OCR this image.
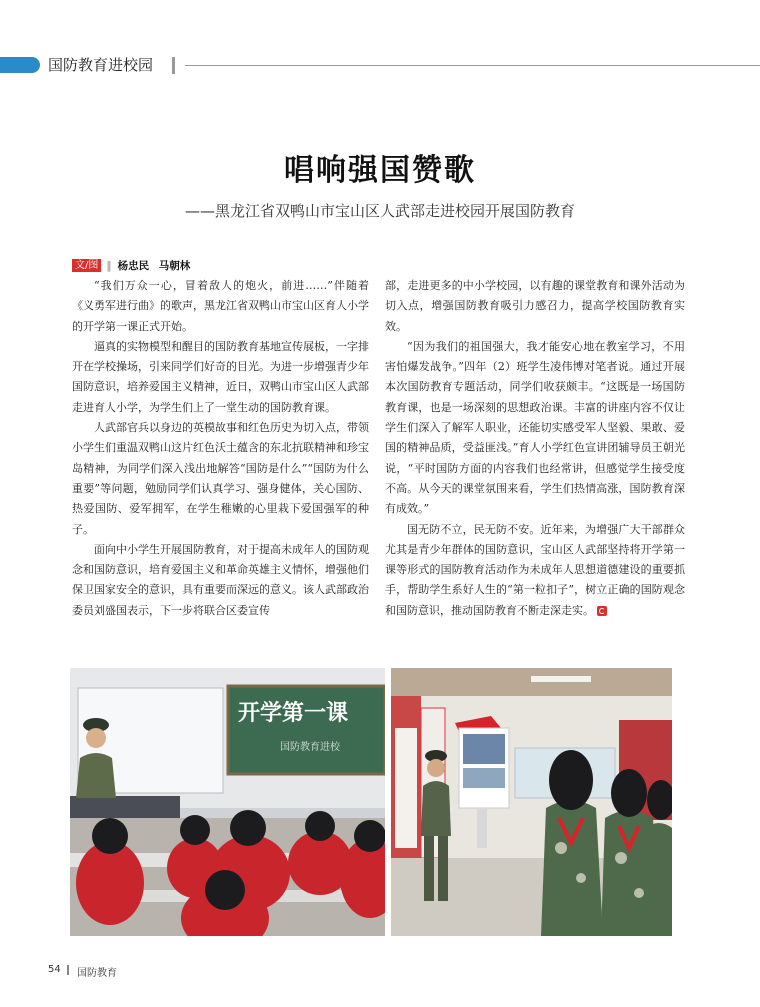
国防教育进校园
唱响强国赞歌
——黑龙江省双鸭山市宝山区人武部走进校园开展国防教育
文/图 ‖ 杨忠民 马朝林

“我们万众一心，冒着敌人的炮火，前进……”伴随着《义勇军进行曲》的歌声，黑龙江省双鸭山市宝山区育人小学的开学第一课正式开始。

逼真的实物模型和醒目的国防教育基地宣传展板，一字排开在学校操场，引来同学们好奇的目光。为进一步增强青少年国防意识，培养爱国主义精神，近日，双鸭山市宝山区人武部走进育人小学，为学生们上了一堂生动的国防教育课。

人武部官兵以身边的英模故事和红色历史为切入点，带领小学生们重温双鸭山这片红色沃土蕴含的东北抗联精神和珍宝岛精神，为同学们深入浅出地解答“国防是什么”“国防为什么重要”等问题，勉励同学们认真学习、强身健体，关心国防、热爱国防、爱军拥军，在学生稚嫩的心里栽下爱国强军的种子。

面向中小学生开展国防教育，对于提高未成年人的国防观念和国防意识，培育爱国主义和革命英雄主义情怀，增强他们保卫国家安全的意识，具有重要而深远的意义。该人武部政治委员刘盛国表示，下一步将联合区委宣传

部，走进更多的中小学校园，以有趣的课堂教育和课外活动为切入点，增强国防教育吸引力感召力，提高学校国防教育实效。

“因为我们的祖国强大，我才能安心地在教室学习，不用害怕爆发战争。”四年（2）班学生凌伟博对笔者说。通过开展本次国防教育专题活动，同学们收获颇丰。“这既是一场国防教育课，也是一场深刻的思想政治课。丰富的讲座内容不仅让学生们深入了解军人职业，还能切实感受军人坚毅、果敢、爱国的精神品质，受益匪浅。”育人小学红色宣讲团辅导员王朝光说，“平时国防方面的内容我们也经常讲，但感觉学生接受度不高。从今天的课堂氛围来看，学生们热情高涨，国防教育深有成效。”

国无防不立，民无防不安。近年来，为增强广大干部群众尤其是青少年群体的国防意识，宝山区人武部坚持将开学第一课等形式的国防教育活动作为未成年人思想道德建设的重要抓手，帮助学生系好人生的“第一粒扣子”，树立正确的国防观念和国防意识，推动国防教育不断走深走实。

开学第一课
国防教育进校
54 国防教育
